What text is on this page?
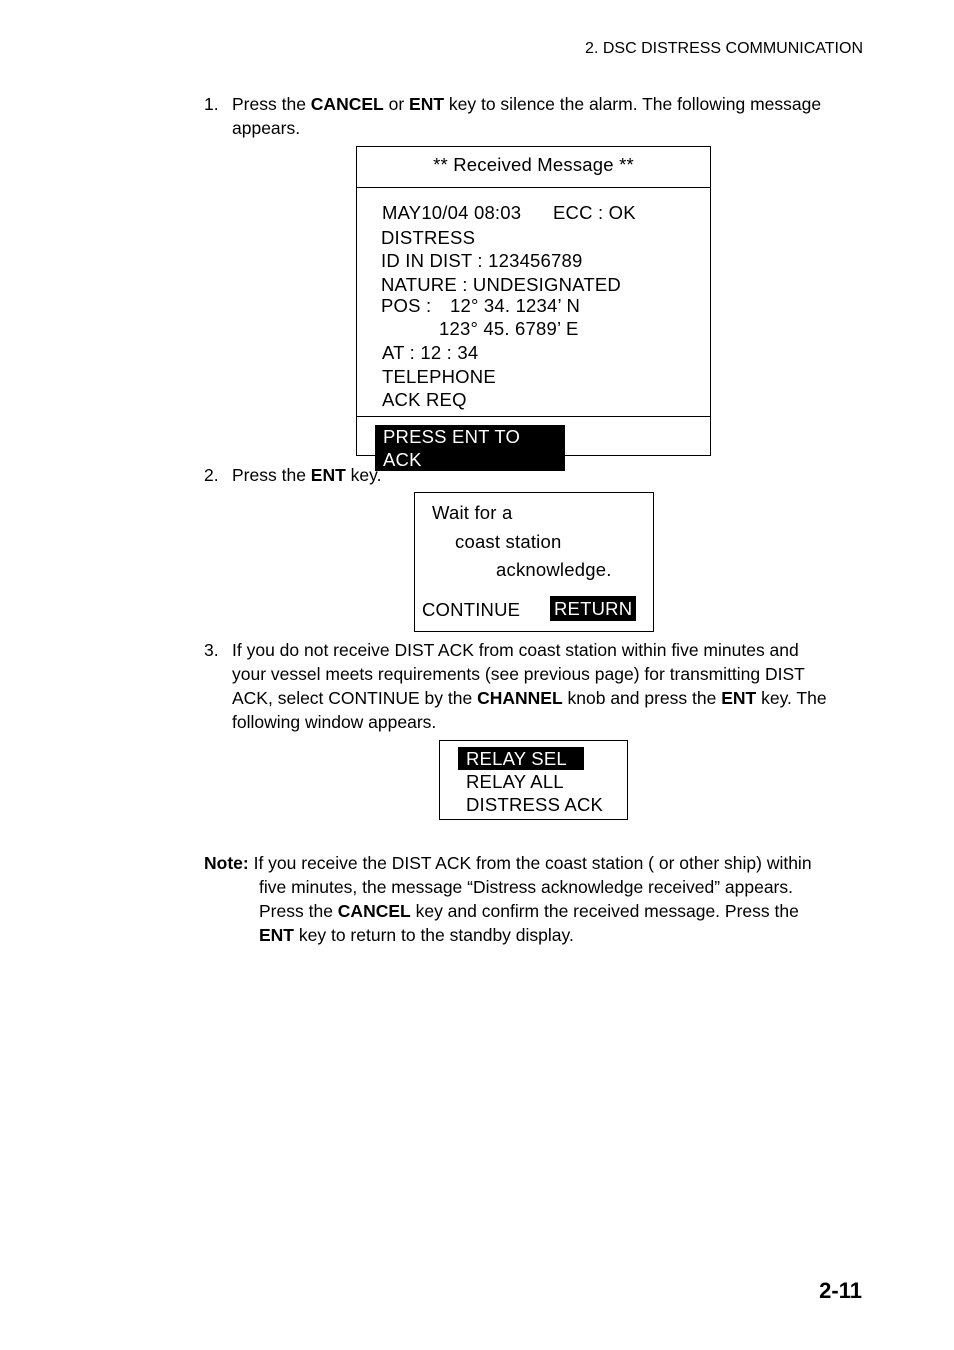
2. DSC DISTRESS COMMUNICATION
1. Press the CANCEL or ENT key to silence the alarm. The following message
appears.
** Received Message **
MAY10/04 08:03 ECC : OK
DISTRESS
ID IN DIST : 123456789
NATURE : UNDESIGNATED
POS : 12° 34. 1234’ N
123° 45. 6789’ E
AT : 12 : 34
TELEPHONE
ACK REQ
PRESS ENT TO ACK
2. Press the ENT key.
Wait for a
coast station
acknowledge.
CONTINUE RETURN
3. If you do not receive DIST ACK from coast station within five minutes and
your vessel meets requirements (see previous page) for transmitting DIST
ACK, select CONTINUE by the CHANNEL knob and press the ENT key. The
following window appears.
RELAY SEL
RELAY ALL
DISTRESS ACK
Note: If you receive the DIST ACK from the coast station ( or other ship) within
five minutes, the message “Distress acknowledge received” appears.
Press the CANCEL key and confirm the received message. Press the
ENT key to return to the standby display.
2-11
